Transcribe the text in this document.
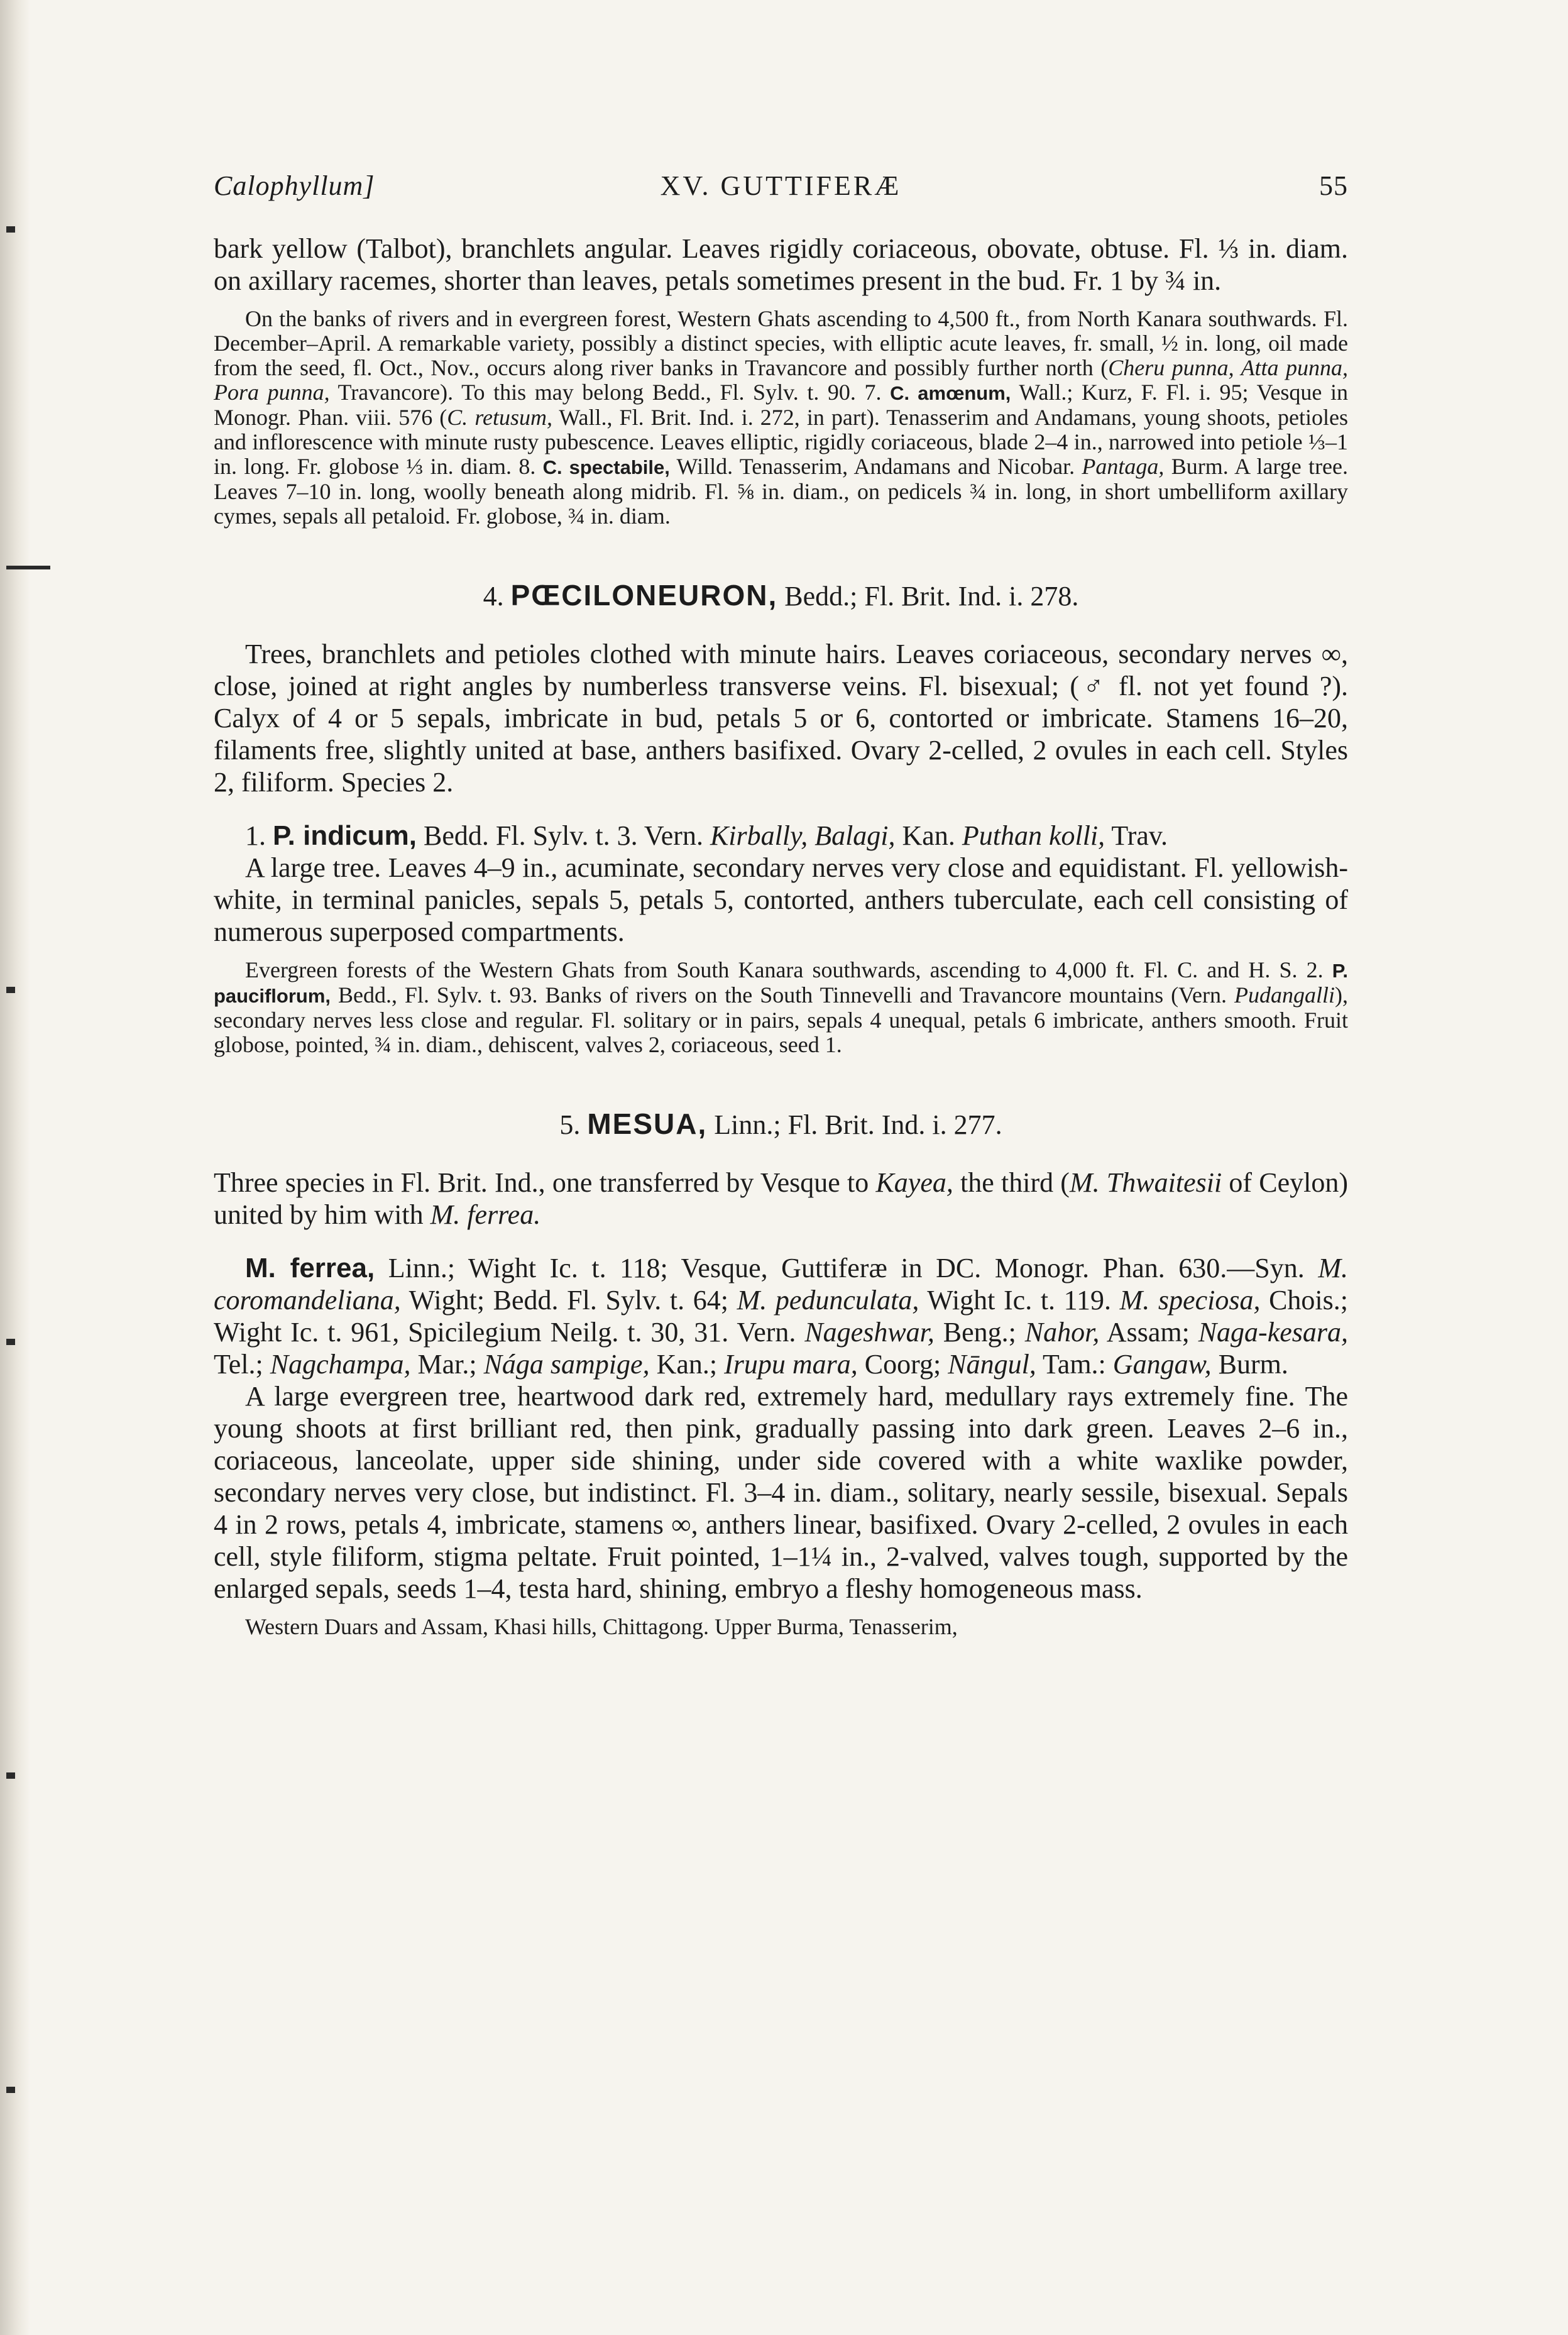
Calophyllum]	XV. GUTTIFERÆ	55

bark yellow (Talbot), branchlets angular. Leaves rigidly coriaceous, obovate, obtuse. Fl. ⅓ in. diam. on axillary racemes, shorter than leaves, petals sometimes present in the bud. Fr. 1 by ¾ in.

On the banks of rivers and in evergreen forest, Western Ghats ascending to 4,500 ft., from North Kanara southwards. Fl. December–April. A remarkable variety, possibly a distinct species, with elliptic acute leaves, fr. small, ½ in. long, oil made from the seed, fl. Oct., Nov., occurs along river banks in Travancore and possibly further north (Cheru punna, Atta punna, Pora punna, Travancore). To this may belong Bedd., Fl. Sylv. t. 90. 7. C. amœnum, Wall.; Kurz, F. Fl. i. 95; Vesque in Monogr. Phan. viii. 576 (C. retusum, Wall., Fl. Brit. Ind. i. 272, in part). Tenasserim and Andamans, young shoots, petioles and inflorescence with minute rusty pubescence. Leaves elliptic, rigidly coriaceous, blade 2–4 in., narrowed into petiole ⅓–1 in. long. Fr. globose ⅓ in. diam. 8. C. spectabile, Willd. Tenasserim, Andamans and Nicobar. Pantaga, Burm. A large tree. Leaves 7–10 in. long, woolly beneath along midrib. Fl. ⅝ in. diam., on pedicels ¾ in. long, in short umbelliform axillary cymes, sepals all petaloid. Fr. globose, ¾ in. diam.

4. PŒCILONEURON, Bedd.; Fl. Brit. Ind. i. 278.

Trees, branchlets and petioles clothed with minute hairs. Leaves coriaceous, secondary nerves ∞, close, joined at right angles by numberless transverse veins. Fl. bisexual; (♂ fl. not yet found ?). Calyx of 4 or 5 sepals, imbricate in bud, petals 5 or 6, contorted or imbricate. Stamens 16–20, filaments free, slightly united at base, anthers basifixed. Ovary 2-celled, 2 ovules in each cell. Styles 2, filiform. Species 2.

1. P. indicum, Bedd. Fl. Sylv. t. 3. Vern. Kirbally, Balagi, Kan. Puthan kolli, Trav.

A large tree. Leaves 4–9 in., acuminate, secondary nerves very close and equidistant. Fl. yellowish-white, in terminal panicles, sepals 5, petals 5, contorted, anthers tuberculate, each cell consisting of numerous superposed compartments.

Evergreen forests of the Western Ghats from South Kanara southwards, ascending to 4,000 ft. Fl. C. and H. S. 2. P. pauciflorum, Bedd., Fl. Sylv. t. 93. Banks of rivers on the South Tinnevelli and Travancore mountains (Vern. Pudangalli), secondary nerves less close and regular. Fl. solitary or in pairs, sepals 4 unequal, petals 6 imbricate, anthers smooth. Fruit globose, pointed, ¾ in. diam., dehiscent, valves 2, coriaceous, seed 1.

5. MESUA, Linn.; Fl. Brit. Ind. i. 277.

Three species in Fl. Brit. Ind., one transferred by Vesque to Kayea, the third (M. Thwaitesii of Ceylon) united by him with M. ferrea.

M. ferrea, Linn.; Wight Ic. t. 118; Vesque, Guttiferæ in DC. Monogr. Phan. 630.—Syn. M. coromandeliana, Wight; Bedd. Fl. Sylv. t. 64; M. pedunculata, Wight Ic. t. 119. M. speciosa, Chois.; Wight Ic. t. 961, Spicilegium Neilg. t. 30, 31. Vern. Nageshwar, Beng.; Nahor, Assam; Naga-kesara, Tel.; Nagchampa, Mar.; Nága sampige, Kan.; Irupu mara, Coorg; Nāngul, Tam.: Gangaw, Burm.

A large evergreen tree, heartwood dark red, extremely hard, medullary rays extremely fine. The young shoots at first brilliant red, then pink, gradually passing into dark green. Leaves 2–6 in., coriaceous, lanceolate, upper side shining, under side covered with a white waxlike powder, secondary nerves very close, but indistinct. Fl. 3–4 in. diam., solitary, nearly sessile, bisexual. Sepals 4 in 2 rows, petals 4, imbricate, stamens ∞, anthers linear, basifixed. Ovary 2-celled, 2 ovules in each cell, style filiform, stigma peltate. Fruit pointed, 1–1¼ in., 2-valved, valves tough, supported by the enlarged sepals, seeds 1–4, testa hard, shining, embryo a fleshy homogeneous mass.

Western Duars and Assam, Khasi hills, Chittagong. Upper Burma, Tenasserim,
